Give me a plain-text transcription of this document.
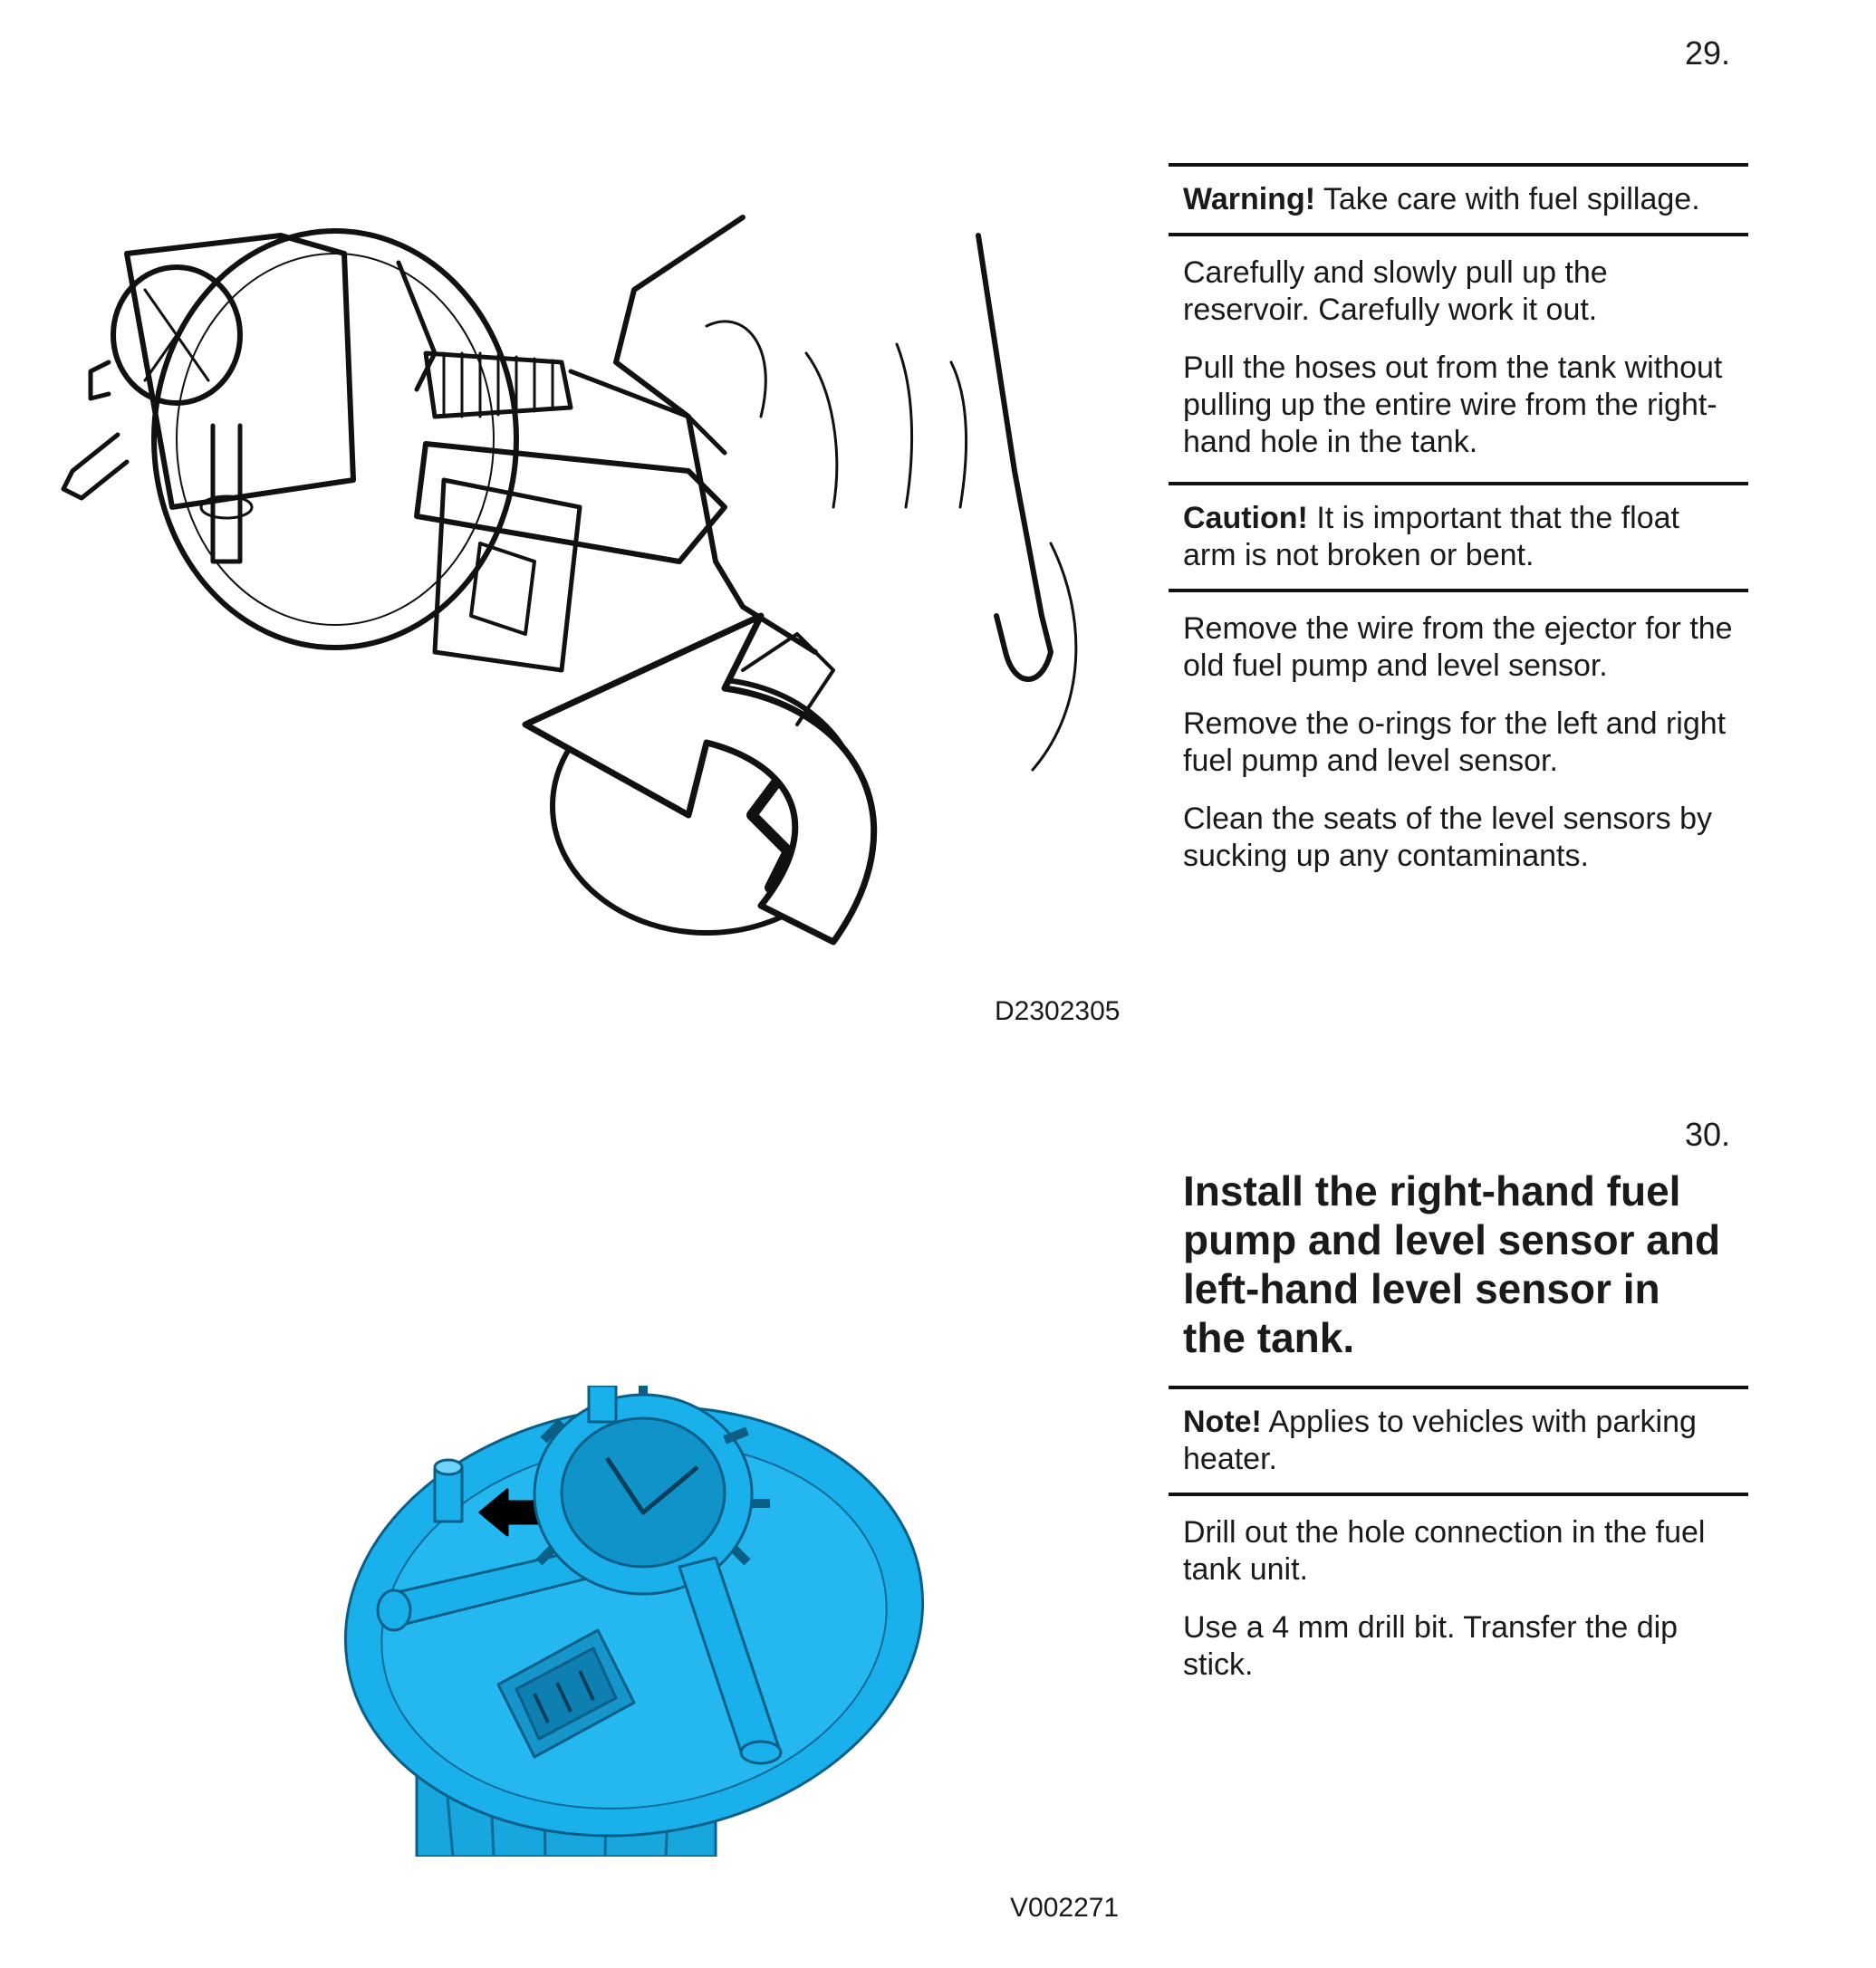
29.
D2302305

Warning! Take care with fuel spillage.

Carefully and slowly pull up the reservoir. Carefully work it out.

Pull the hoses out from the tank without pulling up the entire wire from the right-hand hole in the tank.

Caution! It is important that the float arm is not broken or bent.

Remove the wire from the ejector for the old fuel pump and level sensor.

Remove the o-rings for the left and right fuel pump and level sensor.

Clean the seats of the level sensors by sucking up any contaminants.

30.
Install the right-hand fuel pump and level sensor and left-hand level sensor in the tank.

Note! Applies to vehicles with parking heater.

Drill out the hole connection in the fuel tank unit.

Use a 4 mm drill bit. Transfer the dip stick.

V002271
